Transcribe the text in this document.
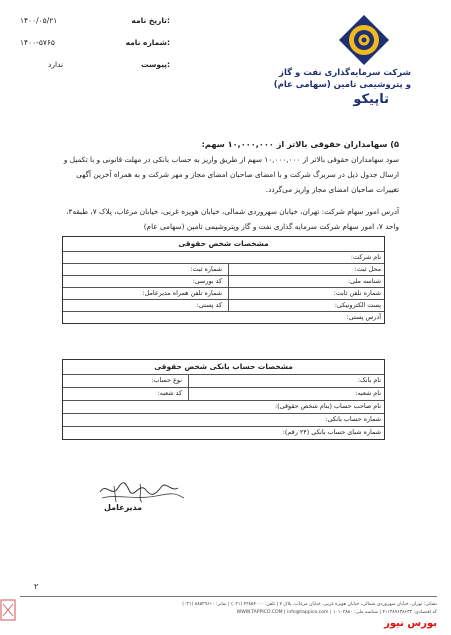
تاریخ نامه:
۱۴۰۰/۰۵/۲۱
شماره نامه:
۱۴۰۰-۵۷۶۵
پیوست:
ندارد
شرکت سرمایه‌گذاری نفت و گاز
و پتروشیمی تامین (سهامی عام)
تاپیکو
۵) سهامداران حقوقی بالاتر از ۱۰,۰۰۰,۰۰۰ سهم:
سود سهامداران حقوقی بالاتر از ۱۰,۰۰۰,۰۰۰ سهم از طریق واریز به حساب بانکی در مهلت قانونی و با تکمیل و
ارسال جدول ذیل در سربرگ شرکت و با امضای صاحبان امضای مجاز و مهر شرکت و به همراه آخرین آگهی
تغییرات صاحبان امضای مجاز واریز می‌گردد.
آدرس امور سهام شرکت: تهران، خیابان سهروردی شمالی، خیابان هویزه غربی، خیابان مرغاب، پلاک ۷، طبقه۴،
واحد ۷، امور سهام شرکت سرمایه گذاری نفت و گاز وپتروشیمی تامین (سهامی عام)
مشخصات شخص حقوقی
نام شرکت:
محل ثبت:
شماره ثبت:
شناسه ملی:
کد بورسی:
شماره تلفن ثابت:
شماره تلفن همراه مدیرعامل:
پست الکترونیکی:
کد پستی:
آدرس پستی:
مشخصات حساب بانکی شخص حقوقی
نام بانک:
نوع حساب:
نام شعبه:
کد شعبه:
نام صاحب حساب (بنام شخص حقوقی):
شماره حساب بانکی:
شماره شبای حساب بانکی (۲۴ رقم):
مدیرعامل
۲
نشانی: تهران، خیابان سهروردی شمالی، خیابان هویزه غربی، خیابان مرغاب، پلاک ۷ | تلفن: ۴۲۸۵۴۰۰۰ (۰۲۱) | نمابر: ۸۸۵۲۹۶۱۰ (۰۲۱)
کد اقتصادی: ۴۱۱۳۸۹۶۳۸۶۳۳ | شناسه ملی: ۱۰۱۰۲۸۸۰ | WWW.TAPPICO.COM | info@tappico.com
بورس نیوز
